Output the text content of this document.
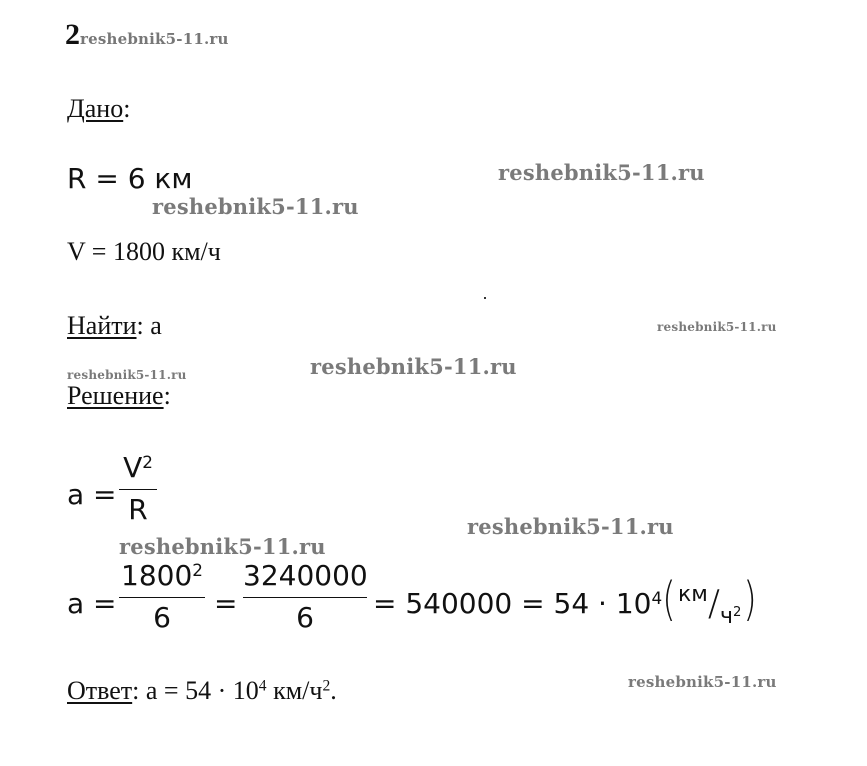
2reshebnik5-11.ru
Дано:
R = 6 км
V = 1800 км/ч
Найти: a
Решение:
a =
$V^2$
R
a =
$1800^2$
6	=
3240000
6	= $540000 = 54 \cdot 10^4$ ( $км/ч^2$)
Ответ: $a = 54 \cdot 10^4$ $км/ч^2$.
reshebnik5-11.ru
reshebnik5-11.ru
reshebnik5-11.ru
reshebnik5-11.ru
reshebnik5-11.ru
reshebnik5-11.ru
reshebnik5-11.ru
reshebnik5-11.ru
